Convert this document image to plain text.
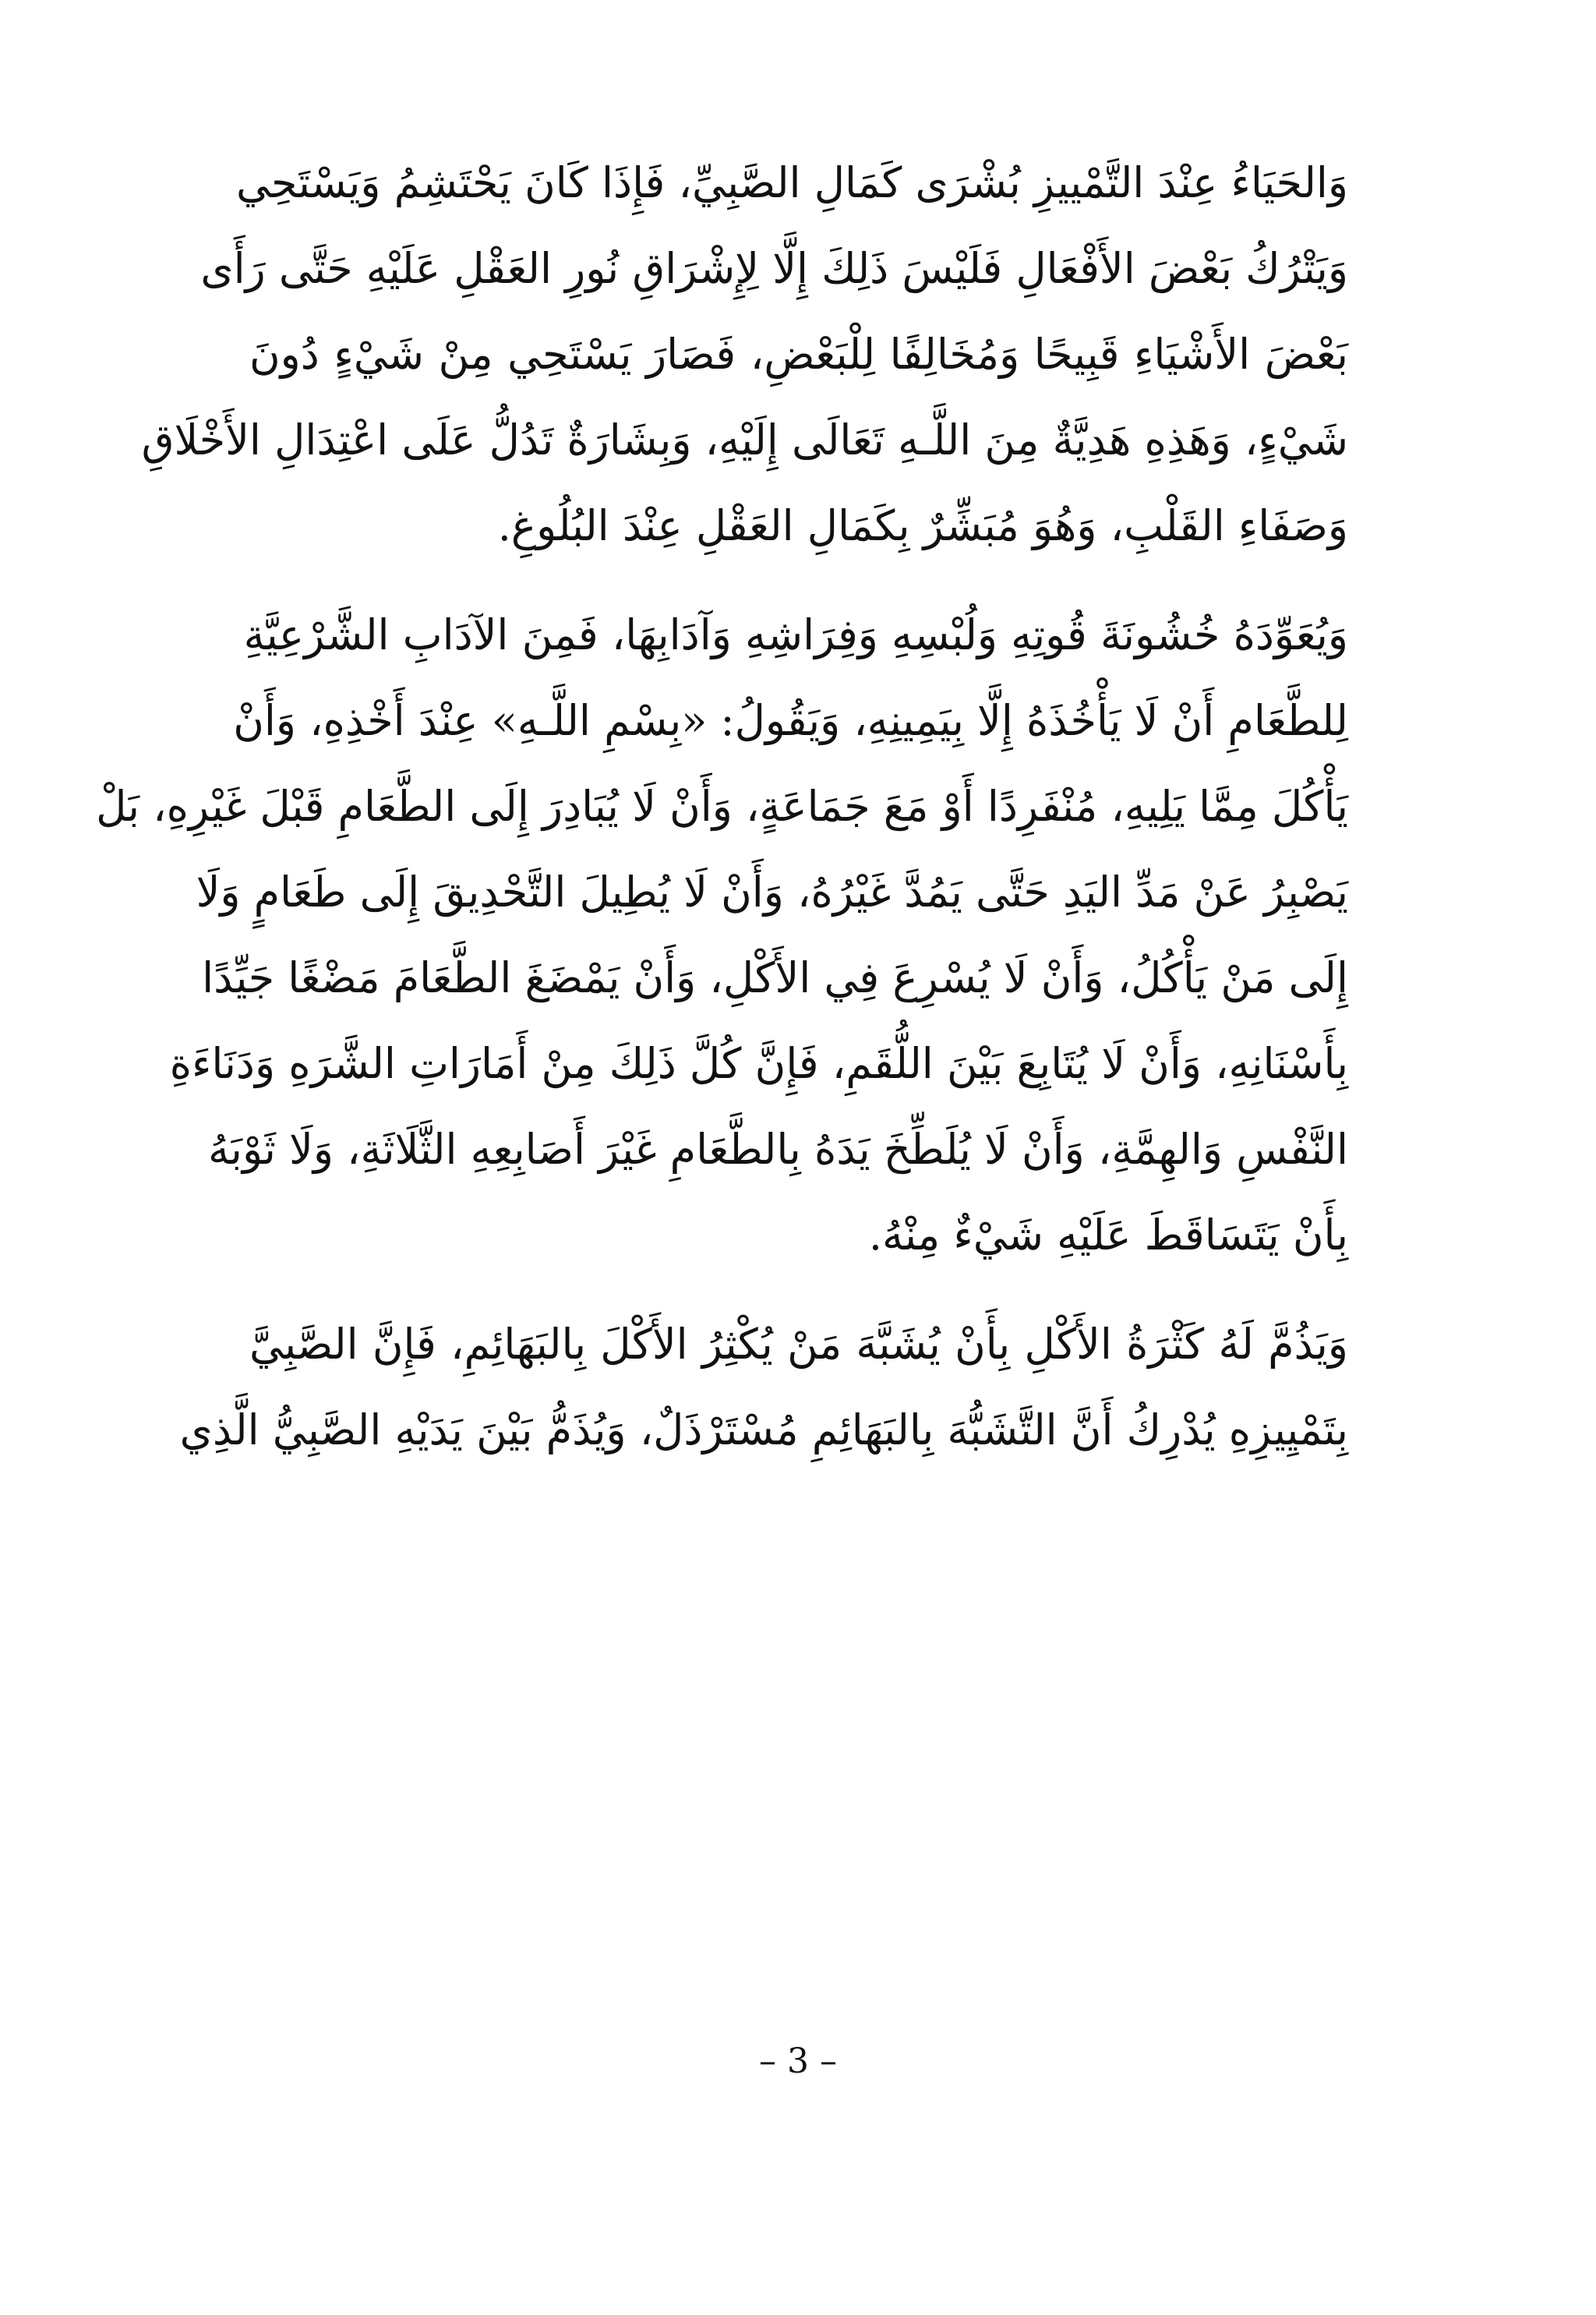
وَالحَيَاءُ عِنْدَ التَّمْييزِ بُشْرَى كَمَالِ الصَّبِيِّ، فَإِذَا كَانَ يَحْتَشِمُ وَيَسْتَحِي
وَيَتْرُكُ بَعْضَ الأَفْعَالِ فَلَيْسَ ذَلِكَ إِلَّا لِإِشْرَاقِ نُورِ العَقْلِ عَلَيْهِ حَتَّى رَأَى
بَعْضَ الأَشْيَاءِ قَبِيحًا وَمُخَالِفًا لِلْبَعْضِ، فَصَارَ يَسْتَحِي مِنْ شَيْءٍ دُونَ
شَيْءٍ، وَهَذِهِ هَدِيَّةٌ مِنَ اللَّـهِ تَعَالَى إِلَيْهِ، وَبِشَارَةٌ تَدُلُّ عَلَى اعْتِدَالِ الأَخْلَاقِ
وَصَفَاءِ القَلْبِ، وَهُوَ مُبَشِّرٌ بِكَمَالِ العَقْلِ عِنْدَ البُلُوغِ.
وَيُعَوِّدَهُ خُشُونَةَ قُوتِهِ وَلُبْسِهِ وَفِرَاشِهِ وَآدَابِهَا، فَمِنَ الآدَابِ الشَّرْعِيَّةِ
لِلطَّعَامِ أَنْ لَا يَأْخُذَهُ إِلَّا بِيَمِينِهِ، وَيَقُولُ: «بِسْمِ اللَّـهِ» عِنْدَ أَخْذِهِ، وَأَنْ
يَأْكُلَ مِمَّا يَلِيهِ، مُنْفَرِدًا أَوْ مَعَ جَمَاعَةٍ، وَأَنْ لَا يُبَادِرَ إِلَى الطَّعَامِ قَبْلَ غَيْرِهِ، بَلْ
يَصْبِرُ عَنْ مَدِّ اليَدِ حَتَّى يَمُدَّ غَيْرُهُ، وَأَنْ لَا يُطِيلَ التَّحْدِيقَ إِلَى طَعَامٍ وَلَا
إِلَى مَنْ يَأْكُلُ، وَأَنْ لَا يُسْرِعَ فِي الأَكْلِ، وَأَنْ يَمْضَغَ الطَّعَامَ مَضْغًا جَيِّدًا
بِأَسْنَانِهِ، وَأَنْ لَا يُتَابِعَ بَيْنَ اللُّقَمِ، فَإِنَّ كُلَّ ذَلِكَ مِنْ أَمَارَاتِ الشَّرَهِ وَدَنَاءَةِ
النَّفْسِ وَالهِمَّةِ، وَأَنْ لَا يُلَطِّخَ يَدَهُ بِالطَّعَامِ غَيْرَ أَصَابِعِهِ الثَّلَاثَةِ، وَلَا ثَوْبَهُ
بِأَنْ يَتَسَاقَطَ عَلَيْهِ شَيْءٌ مِنْهُ.
وَيَذُمَّ لَهُ كَثْرَةُ الأَكْلِ بِأَنْ يُشَبَّهَ مَنْ يُكْثِرُ الأَكْلَ بِالبَهَائِمِ، فَإِنَّ الصَّبِيَّ
بِتَمْيِيزِهِ يُدْرِكُ أَنَّ التَّشَبُّهَ بِالبَهَائِمِ مُسْتَرْذَلٌ، وَيُذَمُّ بَيْنَ يَدَيْهِ الصَّبِيُّ الَّذِي
– 3 –
